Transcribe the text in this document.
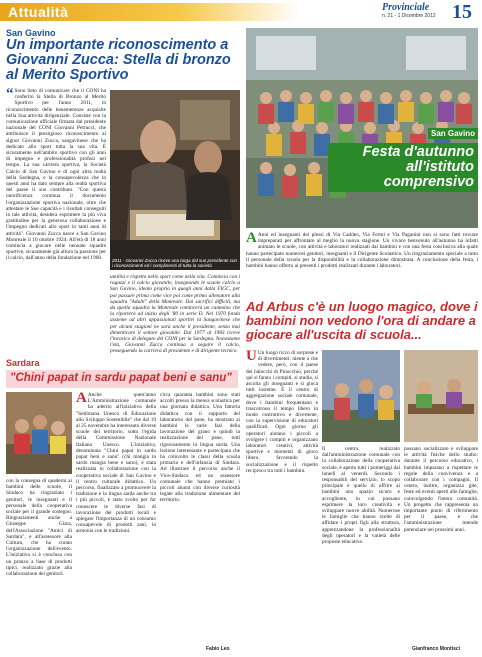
Attualità	Provinciale
n. 21 - 1 Dicembre 2012 15
San Gavino
Un importante riconoscimento a Giovanni Zucca: Stella di bronzo al Merito Sportivo
“ Sono lieto di comunicare che il CONI ha conferito la Stella di Bronzo al Merito Sportivo per l'anno 2011, in riconoscimento delle benemerenze acquisite nella Sua attività dirigenziale. Consiste con la comunicazione ufficiale firmata dal presidente nazionale del CONI Giovanni Petrucci, che attribuisce il prestigioso riconoscimento al signor Giovanni Zucca, sangavinese che ha dedicato allo sport tutta la sua vita. È sicuramente nell'ambito sportivo con gli anni di impegno e professionalità profusi nel tempo. La sua carriera sportiva, la Società Calcio di San Gavino e di ogni altra realtà della Sardegna, e la consapevolezza che in questi anni ha dato sempre alla realtà sportiva del paese il suo contributo. "Con questa onorificenza continua il documento l'organizzazione sportiva nazionale, oltre che attestare le Sue capacità e i risultati conseguiti in tale attività, desidera esprimere la più viva gratitudine per la generosa collaborazione e l'impegno dedicati allo sport in tanti anni di attività". Giovanni Zucca nasce a San Gavino Monreale il 10 ottobre 1924. All'età di 18 anni comincia a giocare nelle neonate squadre sportive, sicuramente già allora la passione per il calcio, dall'anno della fondazione nel 1968.	2011 - Giovanni Zucca riceve una targa dal suo presidente con i riconoscimenti ed i complimenti di tutta la società
umilità e rispetto nello sport come nella vita. Comincia con i ragazzi e il calcio giovanile, insegnando le scuole calcio a San Gavino, ideato proprio in quegli anni dalla FIGC, per poi passare prima come vice poi come primo allenatore alla squadra "Adulti" della Monreale. Dai sacrifici difficili, ma da quella squadra la Monreale comincerà un cammino che la riporterà ad inizio degli '80 in serie D. Nel 1970 fonda assieme ad altri appassionati sportivi la Sangavinese che per alcuni stagioni ne sarà anche il presidente, senza mai dimenticare il settore giovanile. Dal 1977 al 1983 riceve l'incarico di delegato del CONI per la Sardegna. Nonostante l'età, Giovanni Zucca continua a seguire il calcio, proseguendo la carriera di presidente e di dirigente tecnico.
Sardara
"Chini papat in sardu papat beni e sanu"
A Anche quest'anno L'Amministrazione comunale ha aderito all'iniziativa della "Settimana Unesco di Educazione allo Sviluppo Sostenibile" che dal 19 al 25 novembre ha interessato diverse scuole del territorio, sotto l'egida della Commissione Nazionale Italiana Unesco. L'iniziativa, denominata "Chini papat in sardu papat beni e sanu" (chi mangia in sardo mangia bene e sano), è stata realizzata in collaborazione con la cooperativa sociale di San Gavino e il centro culturale didattico. Un percorso, finalizzato a promuovere la tradizione e la lingua sarda anche tra i più piccoli, è stato svolto per far conoscere le diverse fasi di lavorazione dei prodotti locali e spiegare l'importanza di un consumo consapevole di prodotti sani, in armonia con le tradizioni.
circa quaranta bambini sono stati accolti presso la mensa scolastica per una giornata didattica. Una fattoria didattica con il supporto del laboratorio del pane, ha mostrato ai bambini le varie fasi della lavorazione del grano e quindi la realizzazione del pane, tutti rigorosamente in lingua sarda. Una lezione interessante e partecipata che ha coinvolto le classi della scuola primaria e dell'infanzia di Sardara. Ad illustrare il percorso anche il Vice-Sindaco ed un assessore comunale che hanno premiato i piccoli alunni con diverse curiosità legate alla tradizione alimentare del territorio.
con la consegna di quaderni ai bambini delle scuole, il Sindaco ha ringraziato i genitori, le insegnanti e il personale della cooperativa sociale per il grande sostegno. Ringraziamenti anche a Giuseppe Giara, dell'Associazione "Amici di Sardara", e all'assessore alla Cultura, che ha curato l'organizzazione dell'evento. L'iniziativa si è conclusa con un pranzo a base di prodotti tipici, realizzato grazie alla collaborazione dei genitori.
Fabio Leo
San Gavino
Festa d'autunno all'istituto comprensivo
A Anni ed insegnanti dei plessi di Via Caddeo, Via Fermi e Via Paganini non si sono fatti trovare impreparati per affrontare al meglio la nuova stagione. Un vivace benvenuto all'autunno ha infatti animato le scuole, con attività e laboratori realizzati dai bambini e con una festa conclusiva alla quale hanno partecipato numerosi genitori, insegnanti e il Dirigente Scolastico. Un ringraziamento speciale a tutto il personale della scuola per la disponibilità e la collaborazione dimostrata. A conclusione della festa, i bambini hanno offerto ai presenti i prodotti realizzati durante i laboratori.
Ad Arbus c'è un luogo magico, dove i bambini non vedono l'ora di andare a giocare all'uscita di scuola...
U Un luogo ricco di sorprese e di divertimenti: niente a che vedere, però, con il paese dei balocchi di Pinocchio, perché qui si fanno i compiti, si studia, si ascolta gli insegnanti e si gioca tutti insieme. È il centro di aggregazione sociale comunale, dove i bambini frequentano e trascorrono il tempo libero in modo costruttivo e divertente, con la supervisione di educatori qualificati. Ogni giorno gli operatori aiutano i piccoli a svolgere i compiti e organizzano laboratori creativi, attività sportive e momenti di gioco libero, favorendo la socializzazione e il rispetto reciproco tra tutti i bambini.
Il centro, realizzato dall'amministrazione comunale con la collaborazione della cooperativa sociale, è aperto tutti i pomeriggi dal lunedì al venerdì. Secondo i responsabili del servizio, lo scopo principale è quello di offrire ai bambini uno spazio sicuro e accogliente, in cui possano esprimere la loro creatività e sviluppare nuove abilità. Numerose le famiglie che hanno scelto di affidare i propri figli alla struttura, apprezzandone la professionalità degli operatori e la varietà delle proposte educative.
possano socializzare e sviluppare le attività fisiche dello studio: durante il percorso educativo, i bambini imparano a rispettare le regole della convivenza e a collaborare con i compagni. Il centro, inoltre, organizza gite, feste ed eventi aperti alle famiglie, coinvolgendo l'intera comunità. Un progetto che rappresenta un importante punto di riferimento per il paese, e che l'amministrazione intende potenziare nei prossimi anni.
Gianfranco Montisci
